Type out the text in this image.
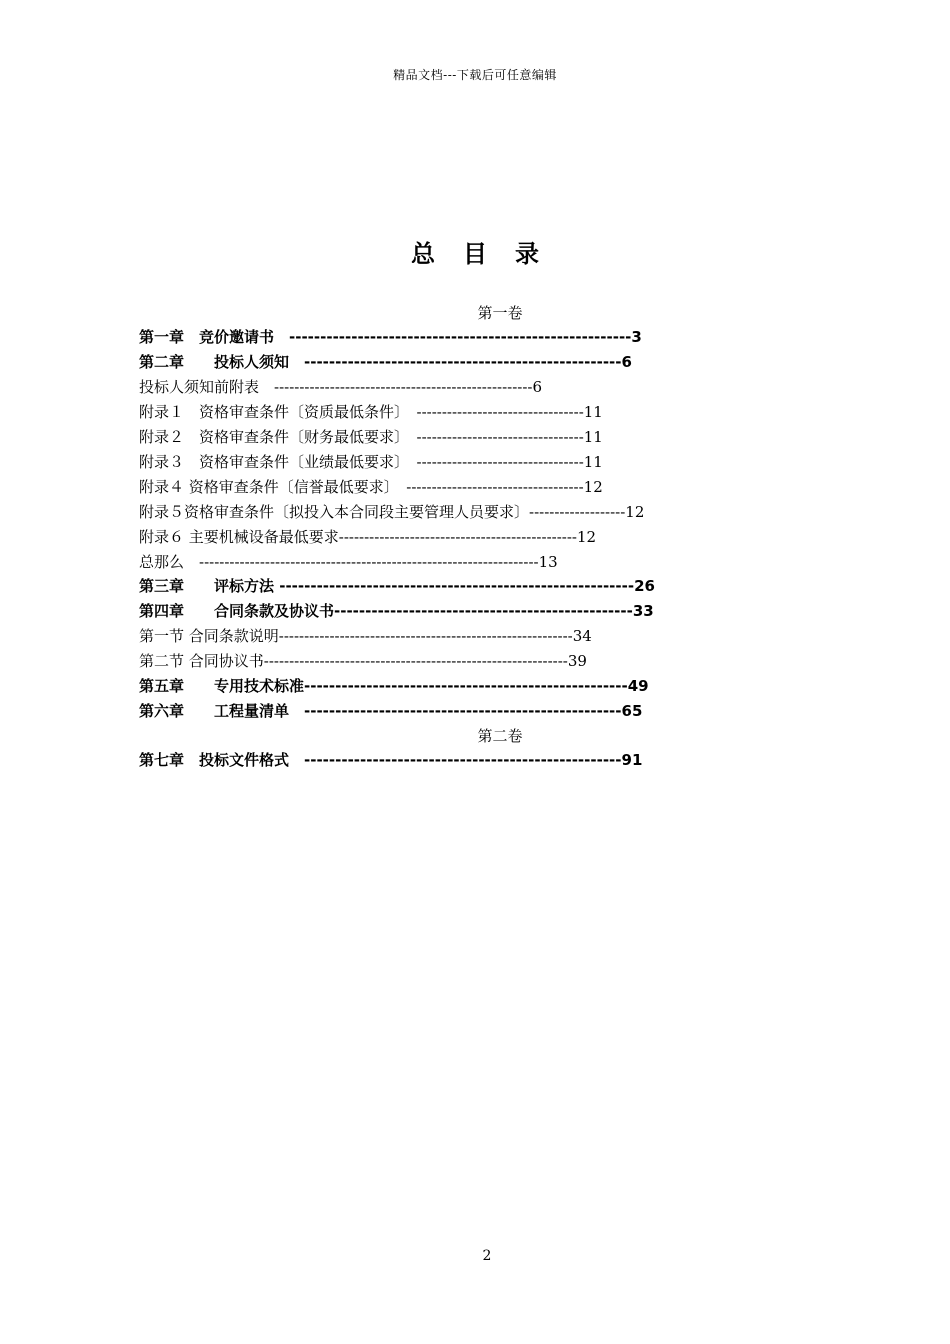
精品文档---下载后可任意编辑
总目录
第一卷
第一章　竞价邀请书　-------------------------------------------------------3
第二章　　投标人须知　---------------------------------------------------6
投标人须知前附表　---------------------------------------------------6
附录１　资格审查条件〔资质最低条件〕　---------------------------------11
附录２　资格审查条件〔财务最低要求〕　---------------------------------11
附录３　资格审查条件〔业绩最低要求〕　---------------------------------11
附录４ 资格审查条件〔信誉最低要求〕　-----------------------------------12
附录５资格审查条件〔拟投入本合同段主要管理人员要求〕-------------------12
附录６ 主要机械设备最低要求-----------------------------------------------12
总那么　-------------------------------------------------------------------13
第三章　　评标方法 ---------------------------------------------------------26
第四章　　合同条款及协议书------------------------------------------------33
第一节 合同条款说明----------------------------------------------------------34
第二节 合同协议书------------------------------------------------------------39
第五章　　专用技术标准----------------------------------------------------49
第六章　　工程量清单　---------------------------------------------------65
第二卷
第七章　投标文件格式　---------------------------------------------------91
2
